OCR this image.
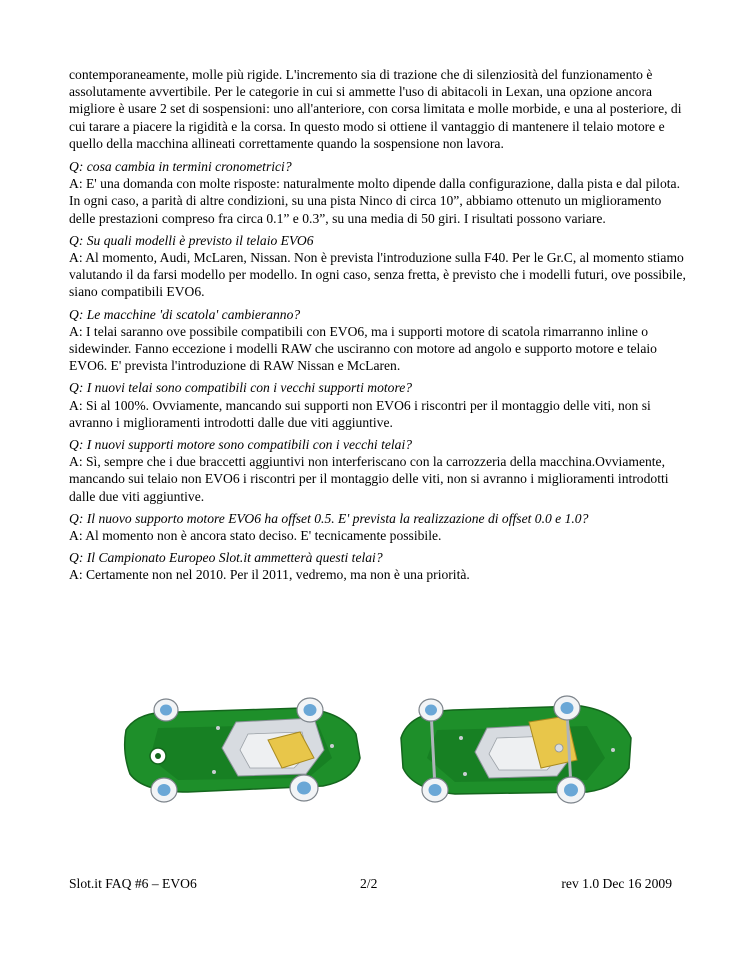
contemporaneamente, molle più rigide. L'incremento sia di trazione che di silenziosità del funzionamento è assolutamente avvertibile. Per le categorie in cui si ammette l'uso di abitacoli in Lexan, una opzione ancora migliore è usare 2 set di sospensioni: uno all'anteriore, con corsa limitata e molle morbide, e una al posteriore, di cui tarare a piacere la rigidità e la corsa. In questo modo si ottiene il vantaggio di mantenere il telaio motore e quello della macchina allineati correttamente quando la sospensione non lavora.

Q: cosa cambia in termini cronometrici?

A: E' una domanda con molte risposte: naturalmente molto dipende dalla configurazione, dalla pista e dal pilota. In ogni caso, a parità di altre condizioni, su una pista Ninco di circa 10”, abbiamo ottenuto un miglioramento delle prestazioni compreso fra circa 0.1” e 0.3”, su una media di 50 giri. I risultati possono variare.

Q: Su quali modelli è previsto il telaio EVO6

A: Al momento, Audi, McLaren, Nissan. Non è prevista l'introduzione sulla F40. Per le Gr.C, al momento stiamo valutando il da farsi modello per modello. In ogni caso, senza fretta, è previsto che i modelli futuri, ove possibile, siano compatibili EVO6.

Q: Le macchine 'di scatola' cambieranno?

A: I telai saranno ove possibile compatibili con EVO6, ma i supporti motore di scatola rimarranno inline o sidewinder. Fanno eccezione i modelli RAW che usciranno con motore ad angolo e supporto motore e telaio EVO6. E' prevista l'introduzione di RAW Nissan e McLaren.

Q: I nuovi telai sono compatibili con i vecchi supporti motore?

A: Si al 100%. Ovviamente, mancando sui supporti non EVO6 i riscontri per il montaggio delle viti, non si avranno i miglioramenti introdotti dalle due viti aggiuntive.

Q: I nuovi supporti motore sono compatibili con i vecchi telai?

A: Sì, sempre che i due braccetti aggiuntivi non interferiscano con la carrozzeria della macchina.Ovviamente, mancando sui telaio non EVO6 i riscontri per il montaggio delle viti, non si avranno i miglioramenti introdotti dalle due viti aggiuntive.

Q: Il nuovo supporto motore EVO6 ha offset 0.5. E' prevista la realizzazione di offset 0.0 e 1.0?

A: Al momento non è ancora stato deciso. E' tecnicamente possibile.

Q: Il Campionato Europeo Slot.it ammetterà questi telai?

A: Certamente non nel 2010. Per il 2011, vedremo, ma non è una priorità.

Slot.it FAQ #6 – EVO6	2/2	rev 1.0 Dec 16 2009
